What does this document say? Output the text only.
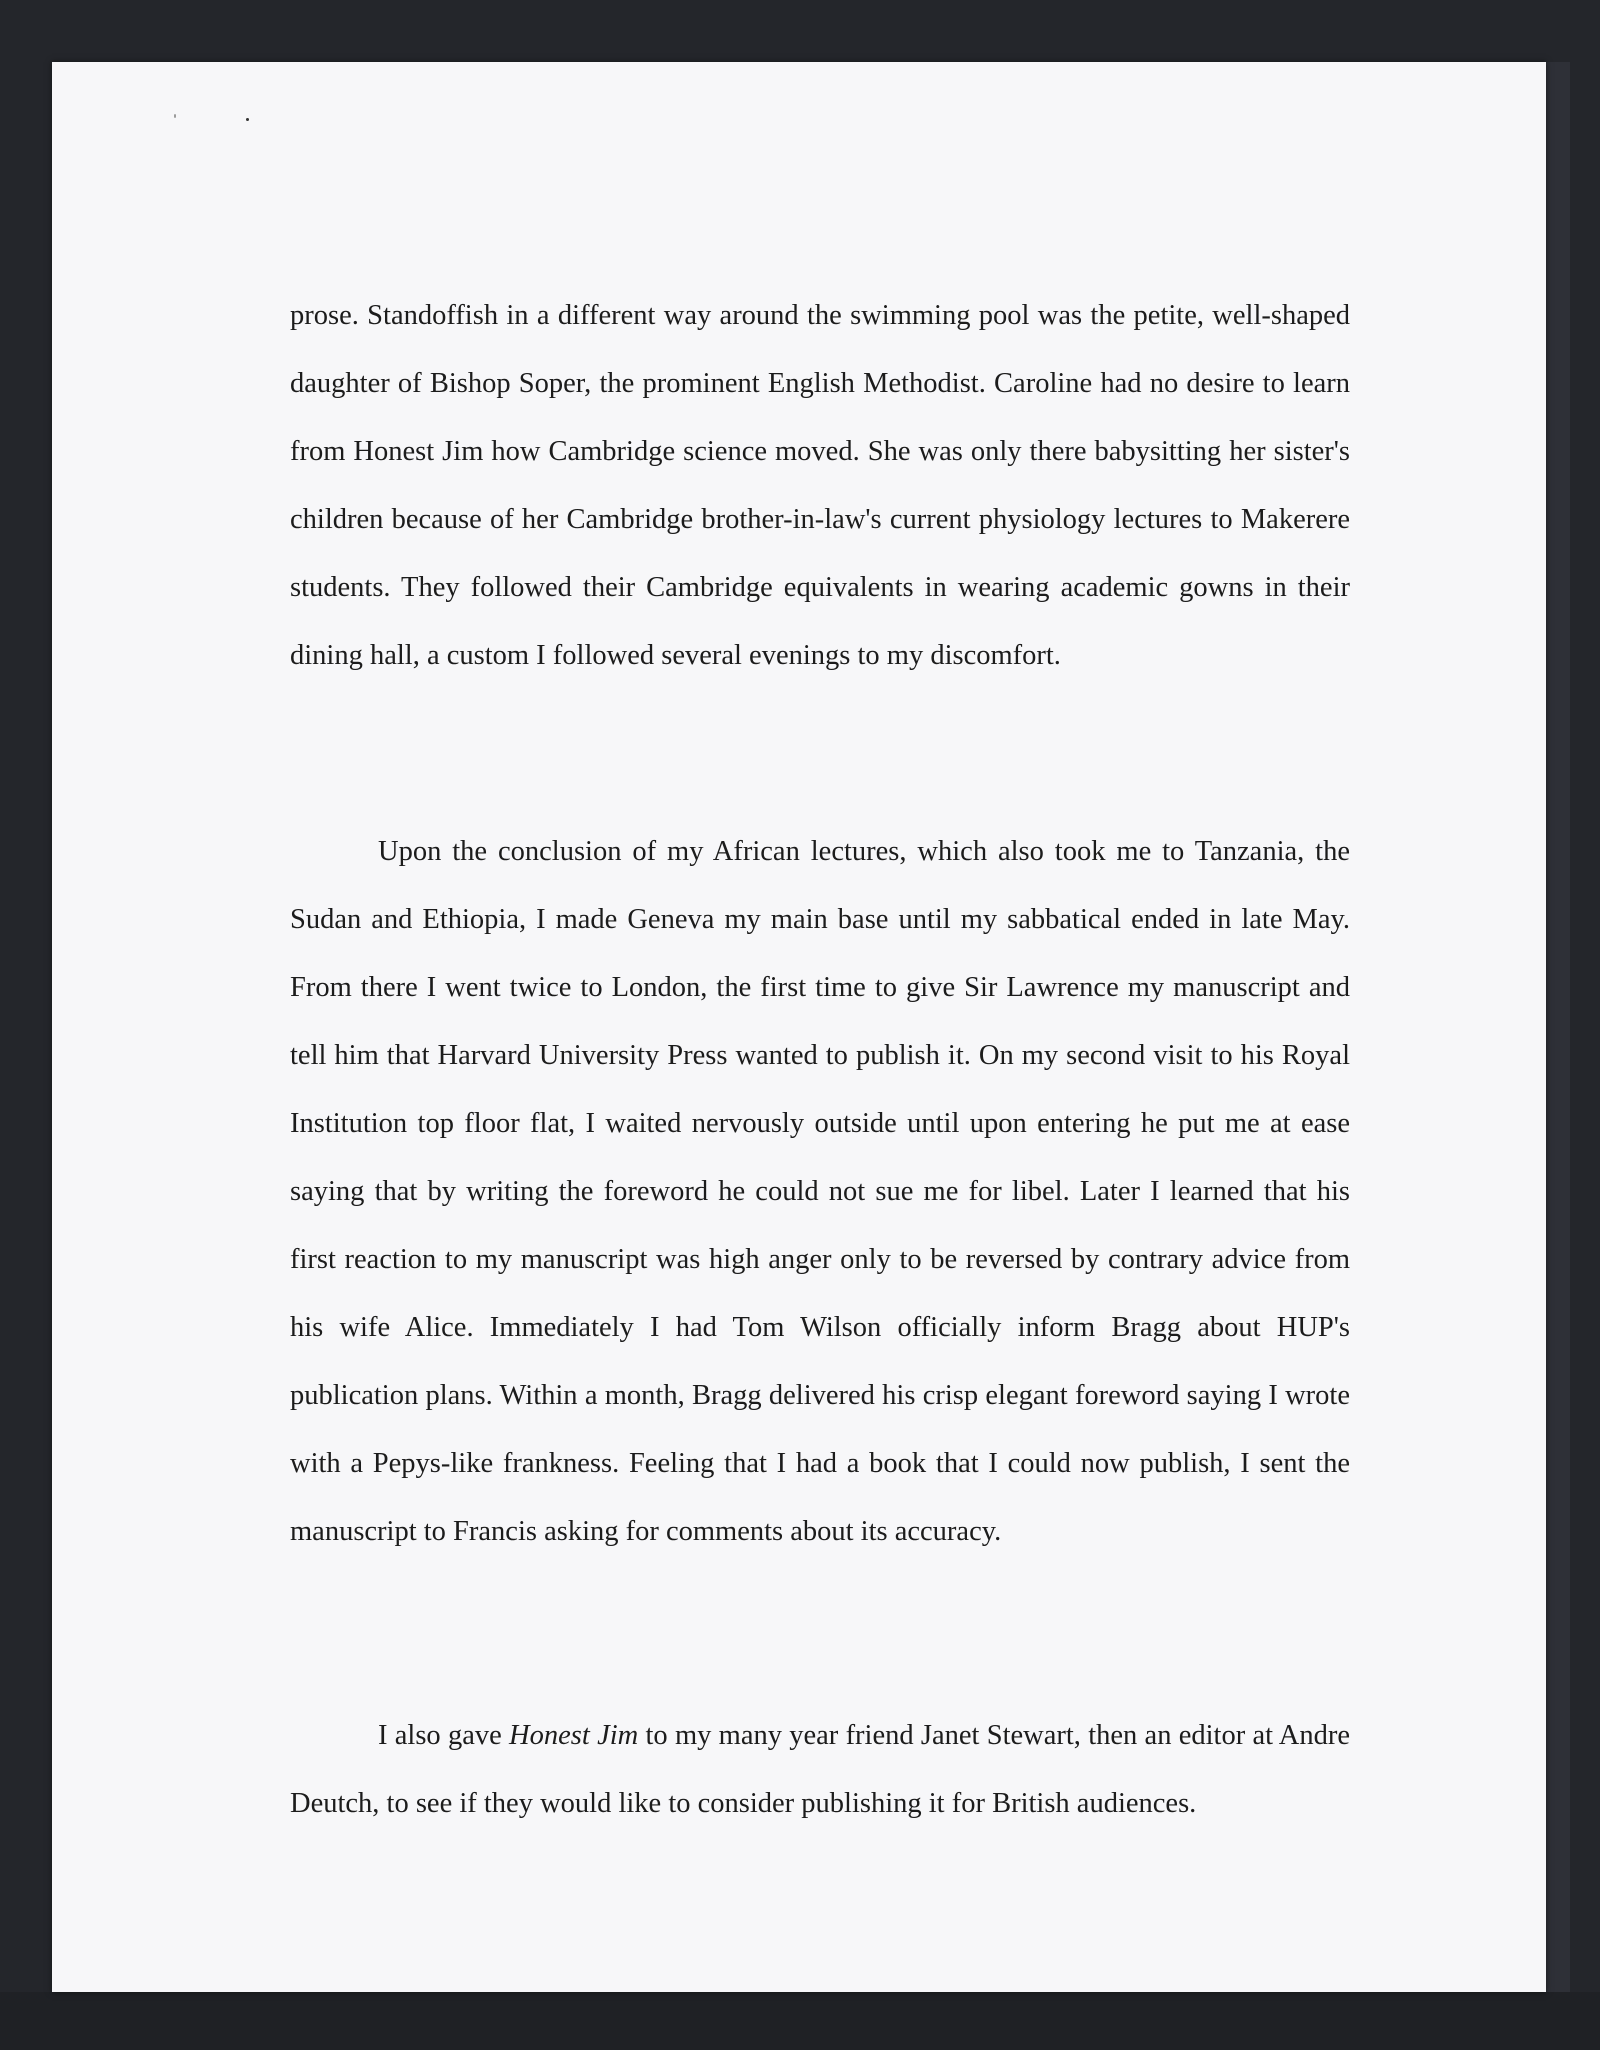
prose. Standoffish in a different way around the swimming pool was the petite, well-shaped daughter of Bishop Soper, the prominent English Methodist. Caroline had no desire to learn from Honest Jim how Cambridge science moved. She was only there babysitting her sister's children because of her Cambridge brother-in-law's current physiology lectures to Makerere students. They followed their Cambridge equivalents in wearing academic gowns in their dining hall, a custom I followed several evenings to my discomfort.

Upon the conclusion of my African lectures, which also took me to Tanzania, the Sudan and Ethiopia, I made Geneva my main base until my sabbatical ended in late May. From there I went twice to London, the first time to give Sir Lawrence my manuscript and tell him that Harvard University Press wanted to publish it. On my second visit to his Royal Institution top floor flat, I waited nervously outside until upon entering he put me at ease saying that by writing the foreword he could not sue me for libel. Later I learned that his first reaction to my manuscript was high anger only to be reversed by contrary advice from his wife Alice. Immediately I had Tom Wilson officially inform Bragg about HUP's publication plans. Within a month, Bragg delivered his crisp elegant foreword saying I wrote with a Pepys-like frankness. Feeling that I had a book that I could now publish, I sent the manuscript to Francis asking for comments about its accuracy.

I also gave Honest Jim to my many year friend Janet Stewart, then an editor at Andre Deutch, to see if they would like to consider publishing it for British audiences.
